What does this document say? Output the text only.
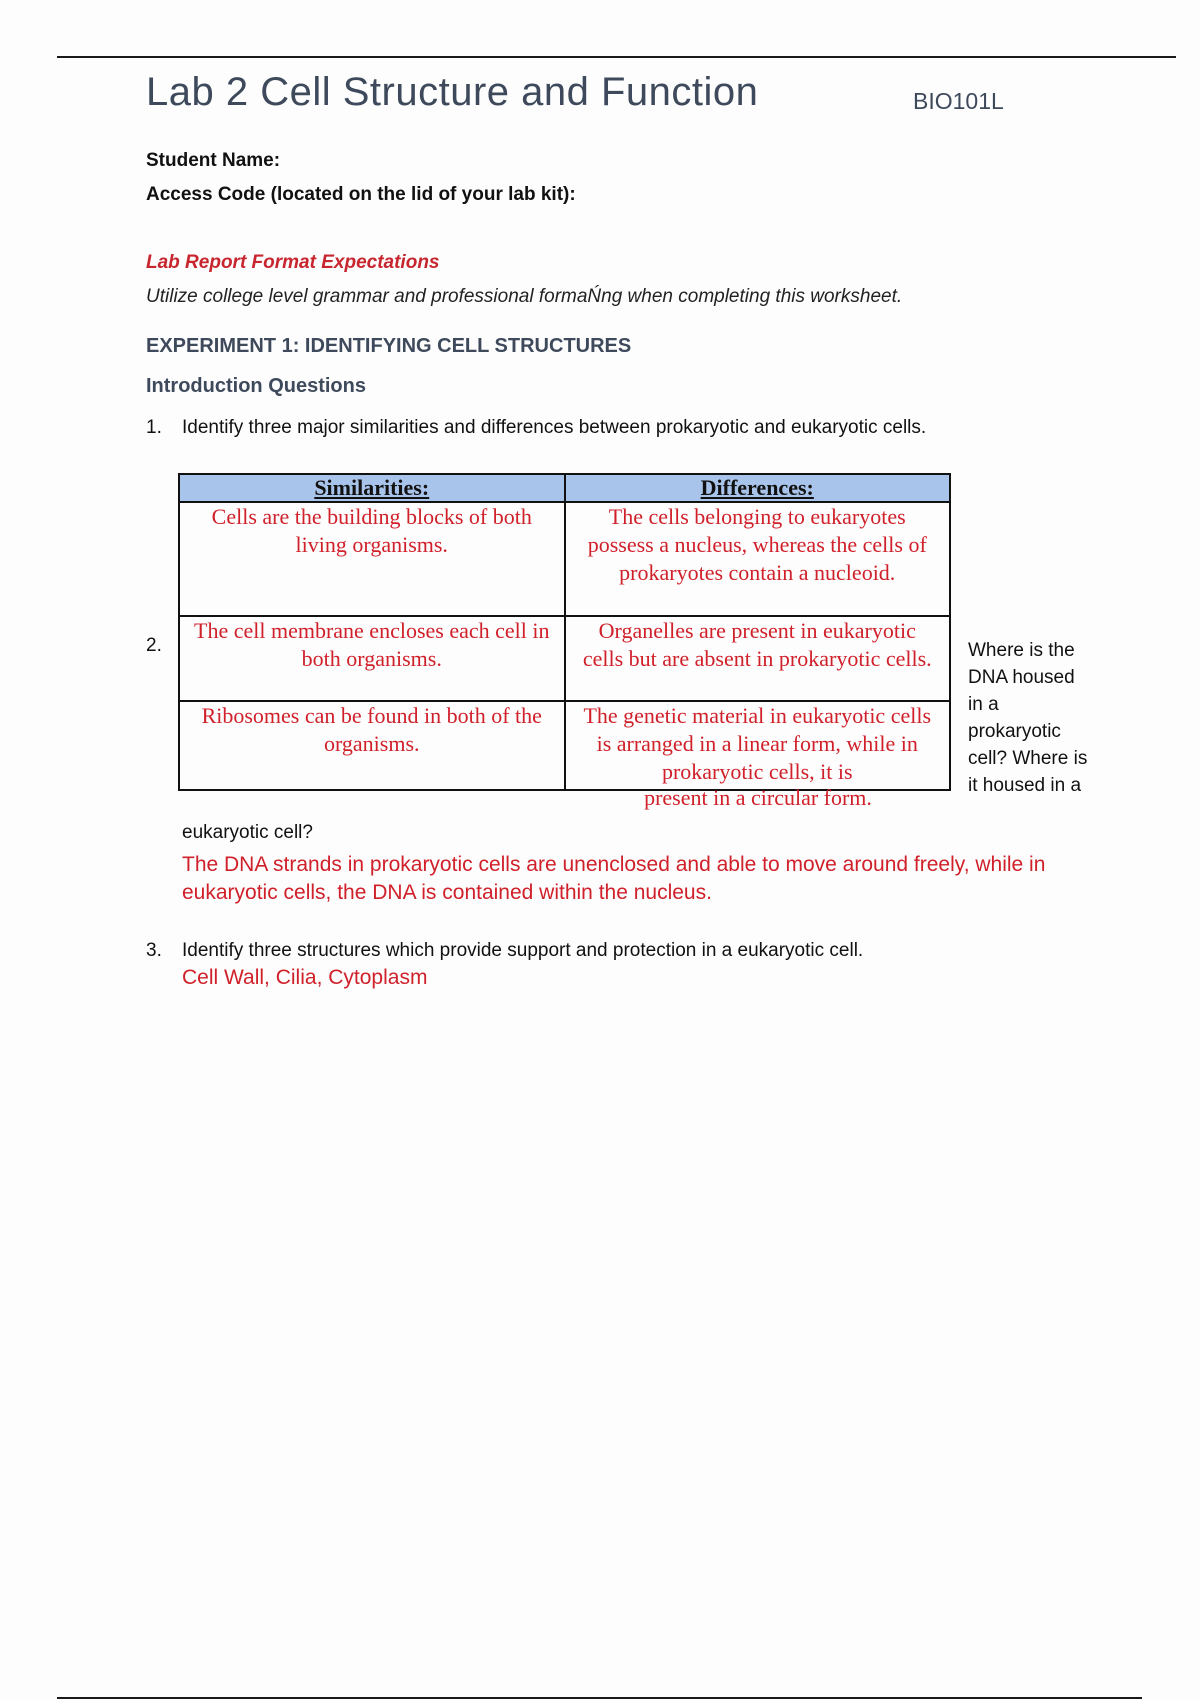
Lab 2 Cell Structure and Function	BIO101L
Student Name:
Access Code (located on the lid of your lab kit):
Lab Report Format Expectations
Utilize college level grammar and professional formaŃng when completing this worksheet.
EXPERIMENT 1: IDENTIFYING CELL STRUCTURES
Introduction Questions
1. Identify three major similarities and differences between prokaryotic and eukaryotic cells.
Similarities:	Differences:
Cells are the building blocks of both living organisms.	The cells belonging to eukaryotes possess a nucleus, whereas the cells of prokaryotes contain a nucleoid.
The cell membrane encloses each cell in both organisms.	Organelles are present in eukaryotic cells but are absent in prokaryotic cells.
Ribosomes can be found in both of the organisms.	The genetic material in eukaryotic cells is arranged in a linear form, while in prokaryotic cells, it is
present in a circular form.
2.	Where is the DNA housed in a prokaryotic cell? Where is it housed in a
eukaryotic cell?
The DNA strands in prokaryotic cells are unenclosed and able to move around freely, while in eukaryotic cells, the DNA is contained within the nucleus.
3. Identify three structures which provide support and protection in a eukaryotic cell.
Cell Wall, Cilia, Cytoplasm
